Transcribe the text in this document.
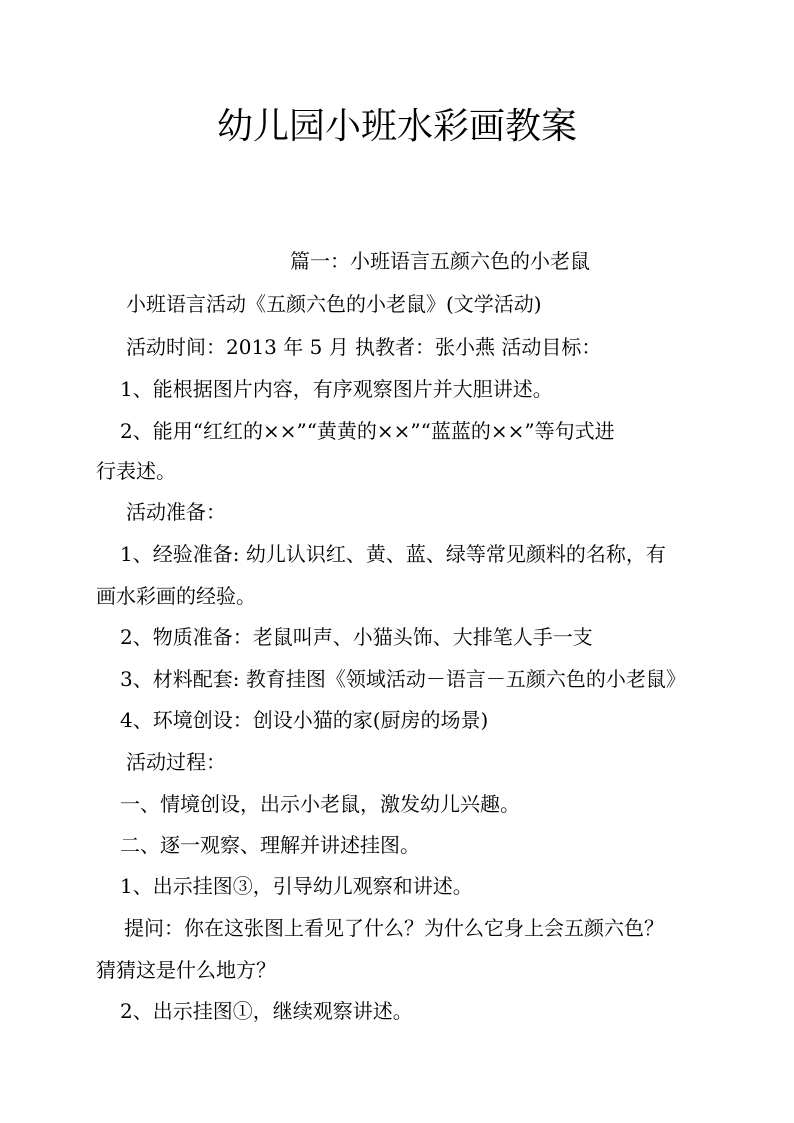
幼儿园小班水彩画教案
篇一：小班语言五颜六色的小老鼠
小班语言活动《五颜六色的小老鼠》(文学活动)
活动时间：2013 年 5 月 执教者：张小燕 活动目标：
1、能根据图片内容，有序观察图片并大胆讲述。
2、能用“红红的××”“黄黄的××”“蓝蓝的××”等句式进
行表述。
活动准备：
1、经验准备: 幼儿认识红、黄、蓝、绿等常见颜料的名称，有
画水彩画的经验。
2、物质准备：老鼠叫声、小猫头饰、大排笔人手一支
3、材料配套: 教育挂图《领域活动－语言－五颜六色的小老鼠》
4、环境创设：创设小猫的家(厨房的场景)
活动过程：
一、情境创设，出示小老鼠，激发幼儿兴趣。
二、逐一观察、理解并讲述挂图。
1、出示挂图③，引导幼儿观察和讲述。
提问：你在这张图上看见了什么？为什么它身上会五颜六色？
猜猜这是什么地方？
2、出示挂图①，继续观察讲述。
